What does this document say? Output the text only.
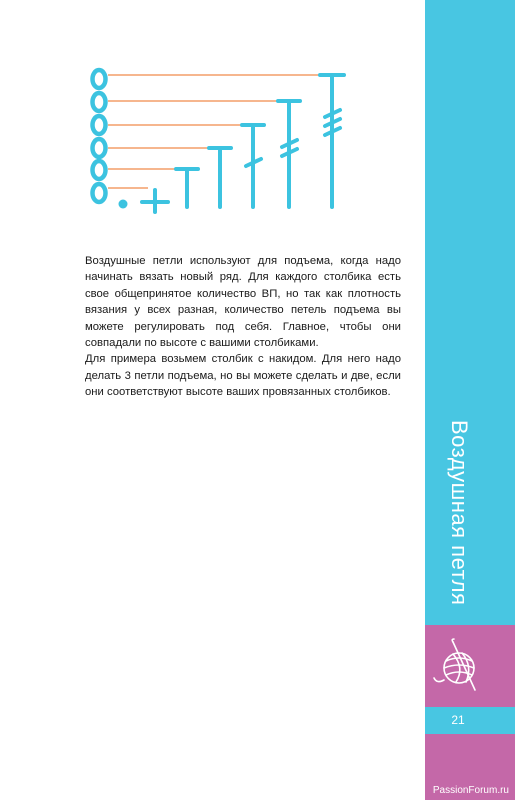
Воздушные петли используют для подъема, когда надо начинать вязать новый ряд. Для каждого столбика есть свое общепринятое количество ВП, но так как плотность вязания у всех разная, количество петель подъема вы можете регулировать под себя. Главное, чтобы они совпадали по высоте с вашими столбиками.

Для примера возьмем столбик с накидом. Для него надо делать 3 петли подъема, но вы можете сделать и две, если они соответствуют высоте ваших провязанных столбиков.

Воздушная петля
21
PassionForum.ru
